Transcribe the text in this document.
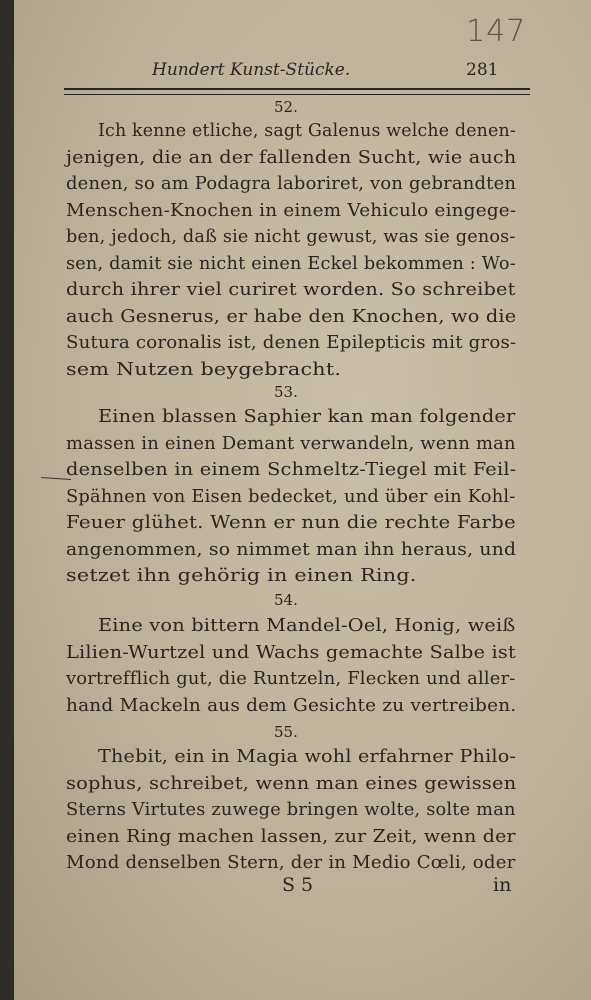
147
Hundert Kunst-Stücke.	281
52.
Ich kenne etliche, sagt Galenus welche denen-
jenigen, die an der fallenden Sucht, wie auch
denen, so am Podagra laboriret, von gebrandten
Menschen-Knochen in einem Vehiculo eingege-
ben, jedoch, daß sie nicht gewust, was sie genos-
sen, damit sie nicht einen Eckel bekommen : Wo-
durch ihrer viel curiret worden. So schreibet
auch Gesnerus, er habe den Knochen, wo die
Sutura coronalis ist, denen Epilepticis mit gros-
sem Nutzen beygebracht.
53.
Einen blassen Saphier kan man folgender
massen in einen Demant verwandeln, wenn man
denselben in einem Schmeltz-Tiegel mit Feil-
Spähnen von Eisen bedecket, und über ein Kohl-
Feuer glühet. Wenn er nun die rechte Farbe
angenommen, so nimmet man ihn heraus, und
setzet ihn gehörig in einen Ring.
54.
Eine von bittern Mandel-Oel, Honig, weiß
Lilien-Wurtzel und Wachs gemachte Salbe ist
vortrefflich gut, die Runtzeln, Flecken und aller-
hand Mackeln aus dem Gesichte zu vertreiben.
55.
Thebit, ein in Magia wohl erfahrner Philo-
sophus, schreibet, wenn man eines gewissen
Sterns Virtutes zuwege bringen wolte, solte man
einen Ring machen lassen, zur Zeit, wenn der
Mond denselben Stern, der in Medio Cœli, oder
S 5	in
